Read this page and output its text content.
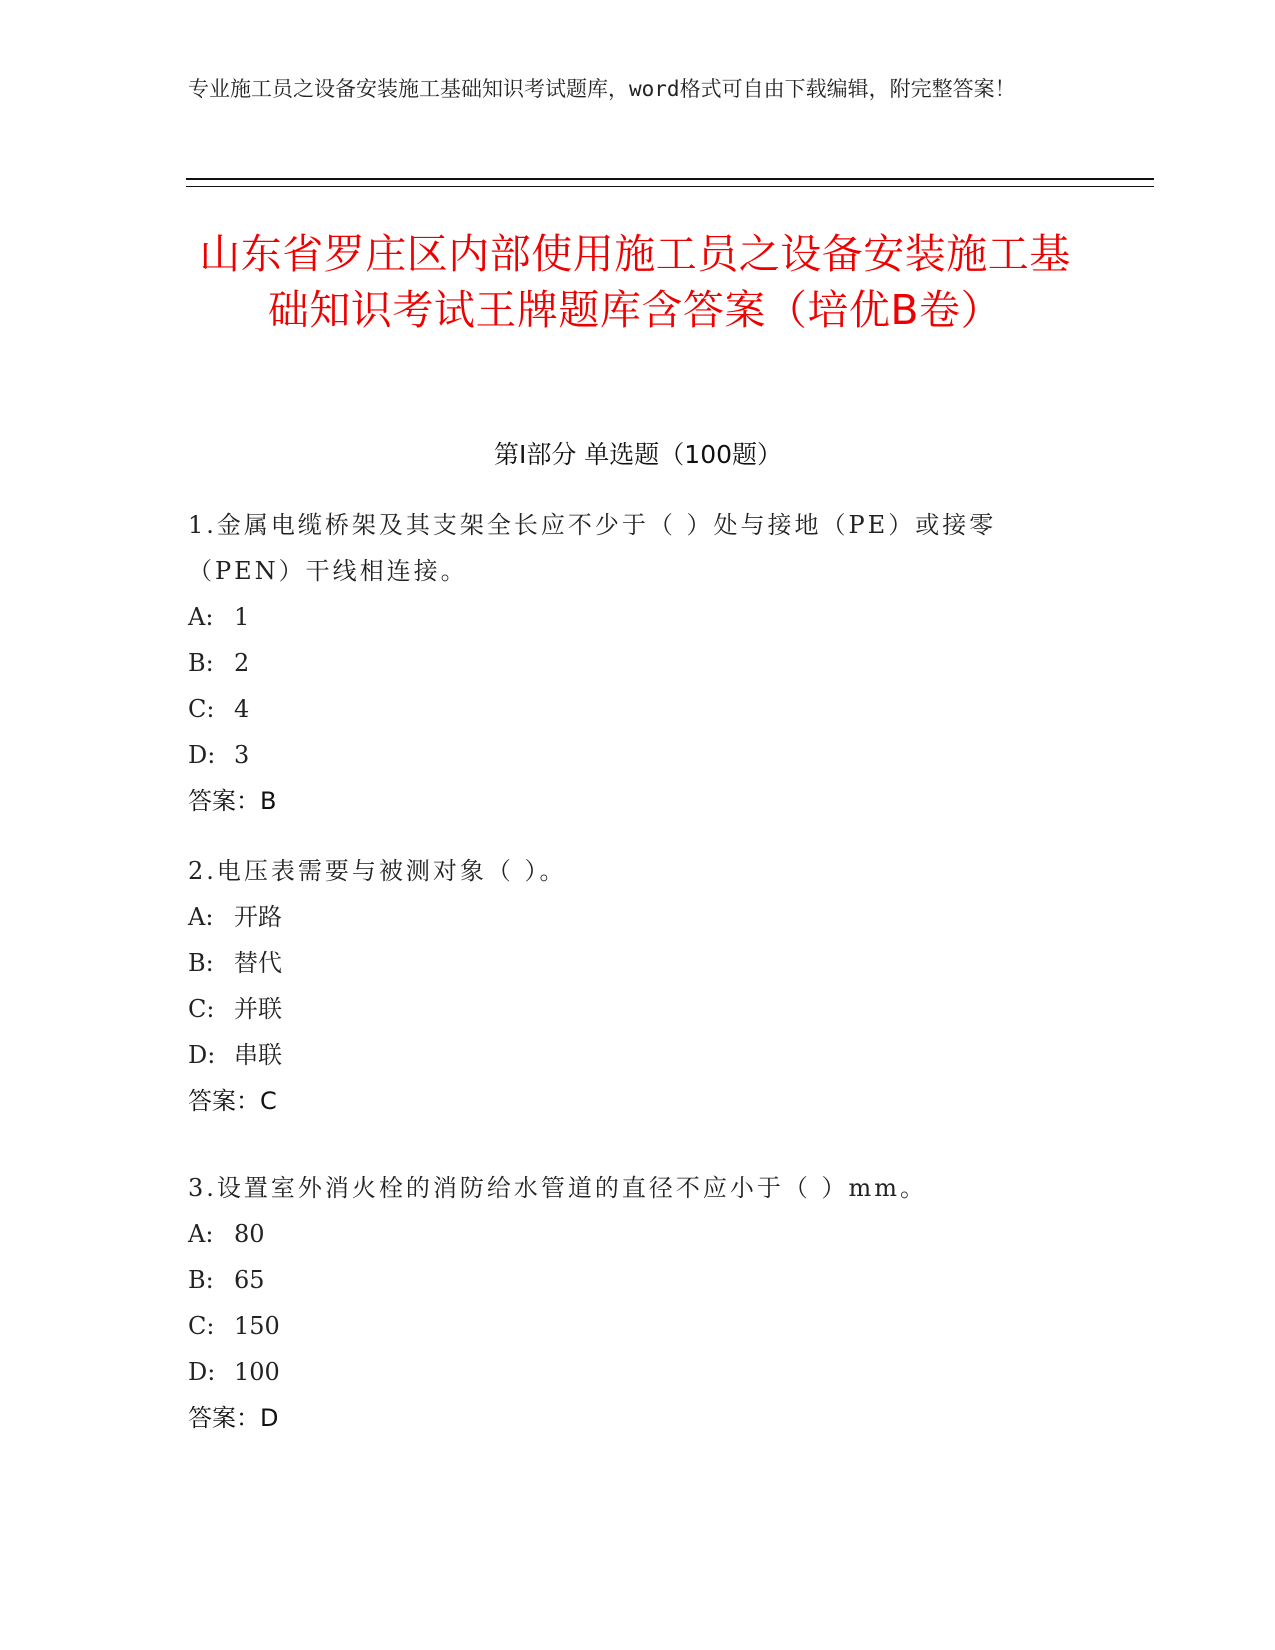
专业施工员之设备安装施工基础知识考试题库，word格式可自由下载编辑，附完整答案！
山东省罗庄区内部使用施工员之设备安装施工基础知识考试王牌题库含答案（培优B卷）
第I部分 单选题（100题）

1.金属电缆桥架及其支架全长应不少于（ ）处与接地（PE）或接零（PEN）干线相连接。

A: 1

B: 2

C: 4

D: 3

答案：B

2.电压表需要与被测对象（ ）。

A: 开路

B: 替代

C: 并联

D: 串联

答案：C

3.设置室外消火栓的消防给水管道的直径不应小于（ ）mm。

A: 80

B: 65

C: 150

D: 100

答案：D
